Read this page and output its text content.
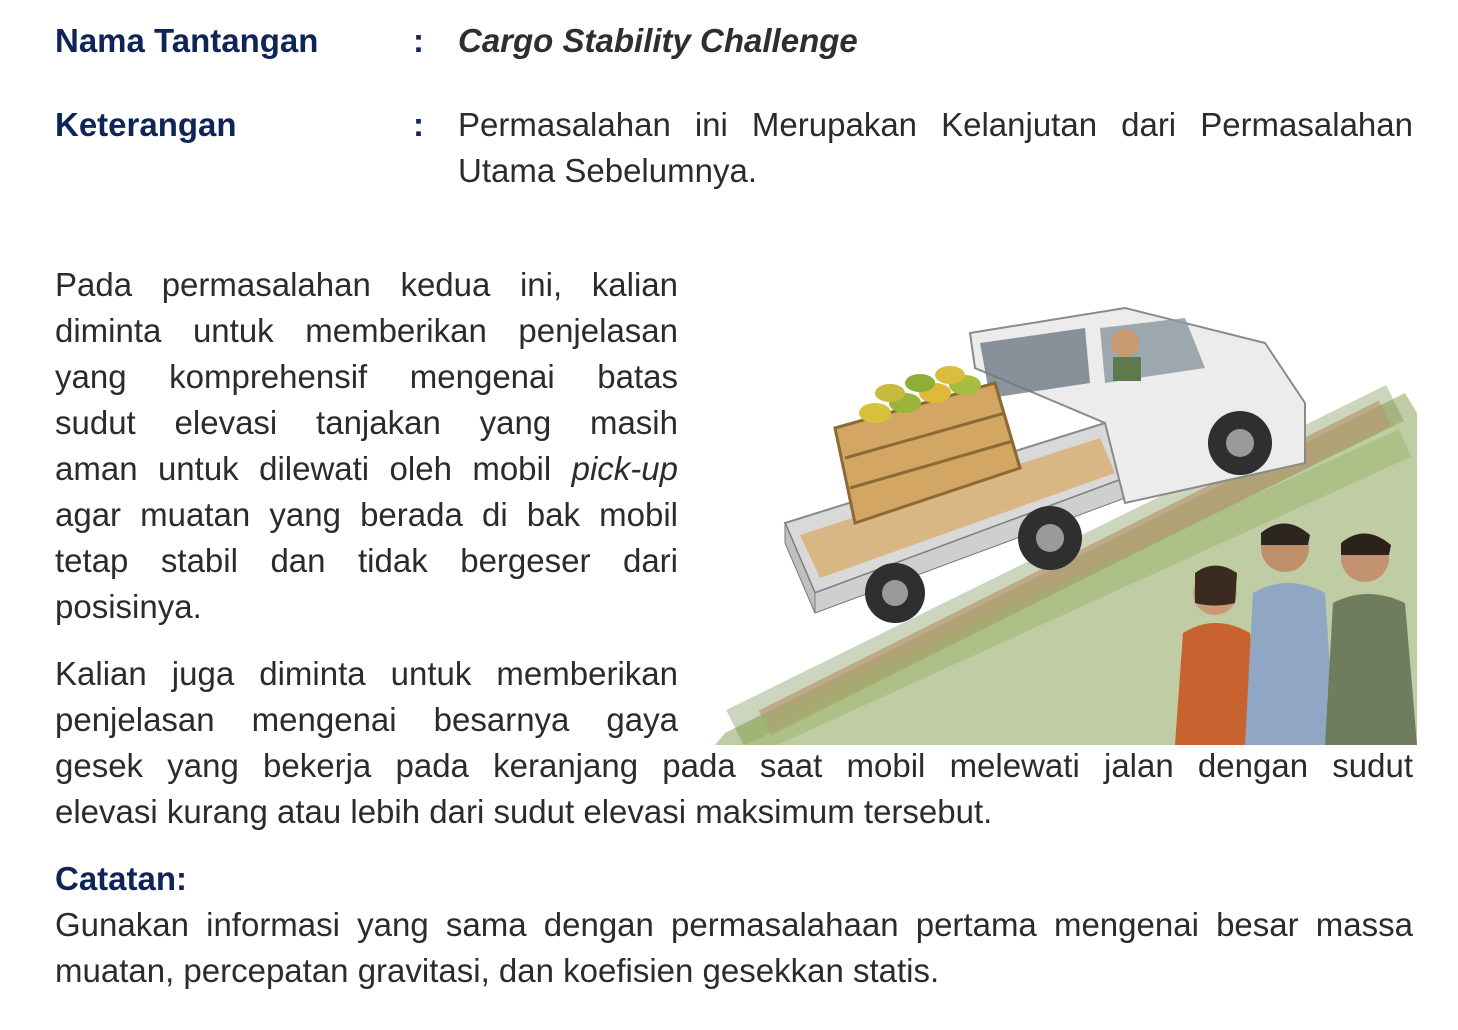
Nama Tantangan	: Cargo Stability Challenge
Keterangan	: Permasalahan ini Merupakan Kelanjutan dari Permasalahan Utama Sebelumnya.
Pada permasalahan kedua ini, kalian
diminta untuk memberikan penjelasan
yang komprehensif mengenai batas
sudut elevasi tanjakan yang masih
aman untuk dilewati oleh mobil pick-up
agar muatan yang berada di bak mobil
tetap stabil dan tidak bergeser dari
posisinya.
Kalian juga diminta untuk memberikan
penjelasan mengenai besarnya gaya
gesek yang bekerja pada keranjang pada saat mobil melewati jalan dengan sudut
elevasi kurang atau lebih dari sudut elevasi maksimum tersebut.
Catatan:
Gunakan informasi yang sama dengan permasalahaan pertama mengenai besar massa muatan, percepatan gravitasi, dan koefisien gesekkan statis.
